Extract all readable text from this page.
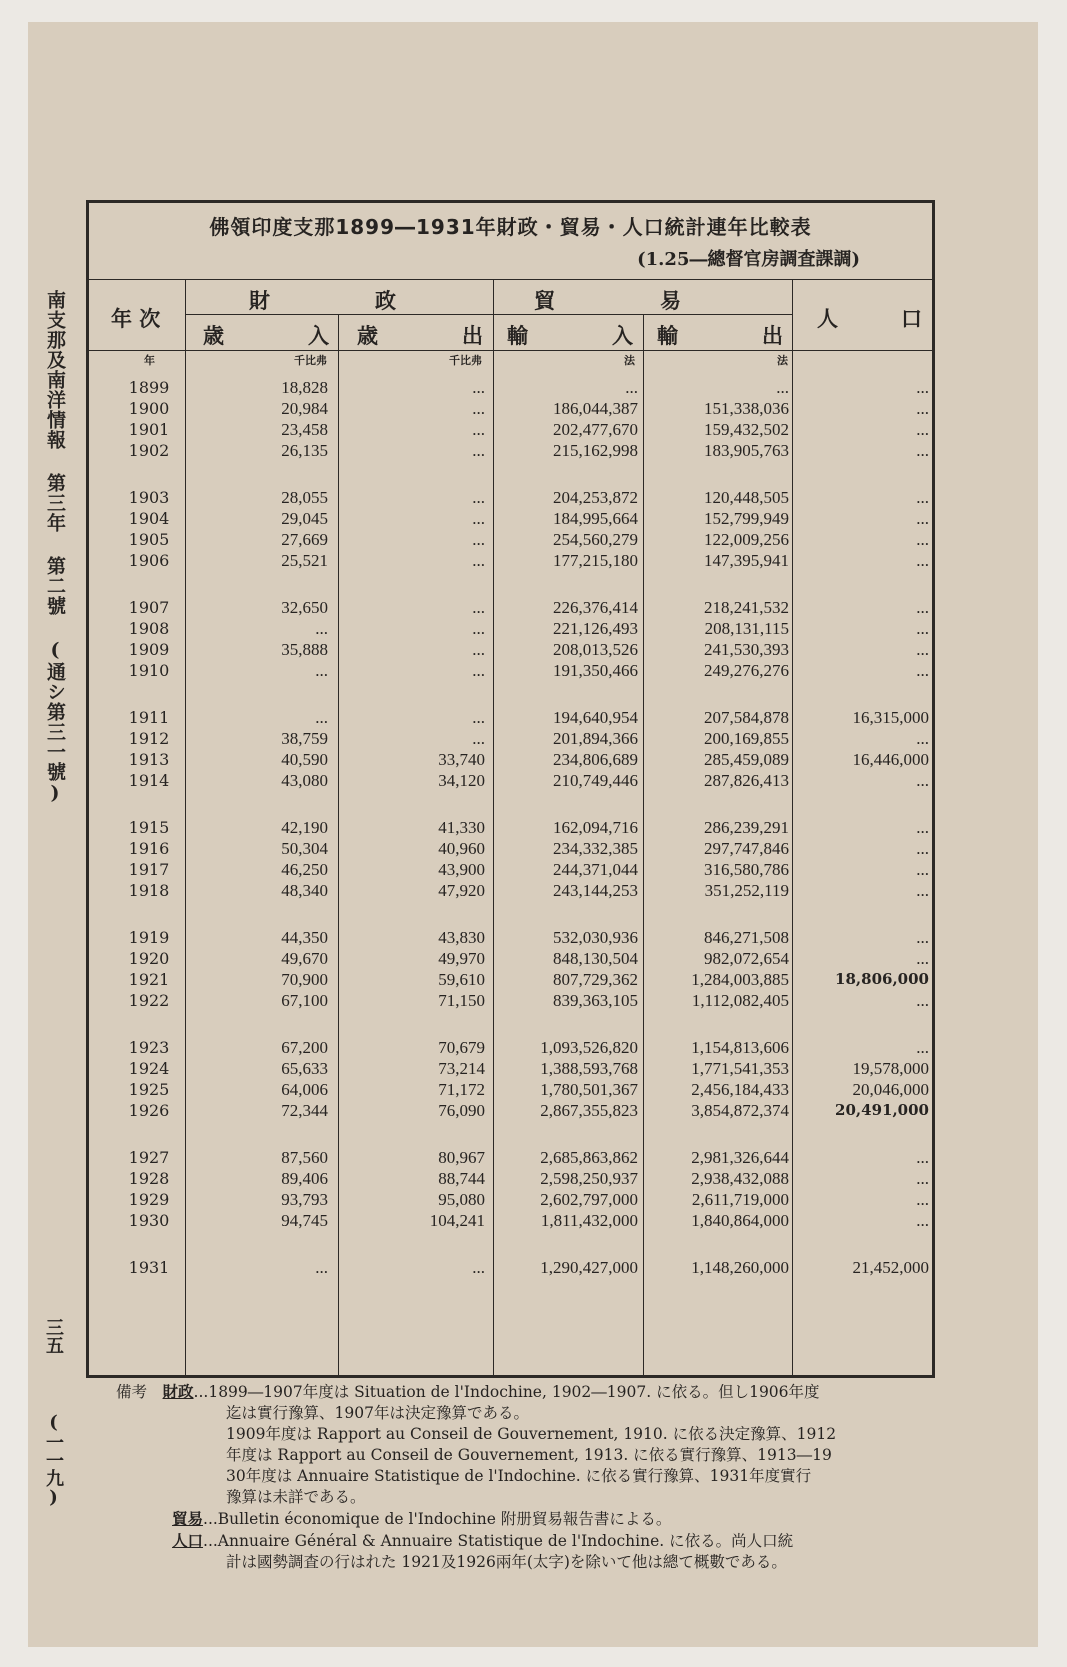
南支那及南洋情報 第三年 第二號 (通シ第三一號)
三五
(一一九)
佛領印度支那1899―1931年財政・貿易・人口統計連年比較表
(1.25―總督官房調査課調)
年 次
財　　　　　政	貿　　　　　易
人　　　口
歳　　　　入 歳　　　　出 輸　　　　入 輸　　　　出
年	千比弗	千比弗	法	法
1899	18,828	...	...	...	...
1900	20,984	...	186,044,387	151,338,036	...
1901	23,458	...	202,477,670	159,432,502	...
1902	26,135	...	215,162,998	183,905,763	...
1903	28,055	...	204,253,872	120,448,505	...
1904	29,045	...	184,995,664	152,799,949	...
1905	27,669	...	254,560,279	122,009,256	...
1906	25,521	...	177,215,180	147,395,941	...
1907	32,650	...	226,376,414	218,241,532	...
1908	...	...	221,126,493	208,131,115	...
1909	35,888	...	208,013,526	241,530,393	...
1910	...	...	191,350,466	249,276,276	...
1911	...	...	194,640,954	207,584,878	16,315,000
1912	38,759	...	201,894,366	200,169,855	...
1913	40,590	33,740	234,806,689	285,459,089	16,446,000
1914	43,080	34,120	210,749,446	287,826,413	...
1915	42,190	41,330	162,094,716	286,239,291	...
1916	50,304	40,960	234,332,385	297,747,846	...
1917	46,250	43,900	244,371,044	316,580,786	...
1918	48,340	47,920	243,144,253	351,252,119	...
1919	44,350	43,830	532,030,936	846,271,508	...
1920	49,670	49,970	848,130,504	982,072,654	...
1921	70,900	59,610	807,729,362	1,284,003,885	18,806,000
1922	67,100	71,150	839,363,105	1,112,082,405	...
1923	67,200	70,679	1,093,526,820	1,154,813,606	...
1924	65,633	73,214	1,388,593,768	1,771,541,353	19,578,000
1925	64,006	71,172	1,780,501,367	2,456,184,433	20,046,000
1926	72,344	76,090	2,867,355,823	3,854,872,374	20,491,000
1927	87,560	80,967	2,685,863,862	2,981,326,644	...
1928	89,406	88,744	2,598,250,937	2,938,432,088	...
1929	93,793	95,080	2,602,797,000	2,611,719,000	...
1930	94,745	104,241	1,811,432,000	1,840,864,000	...
1931	...	...	1,290,427,000	1,148,260,000	21,452,000
備考　 財政...1899―1907年度は Situation de l'Indochine, 1902―1907. に依る。但し1906年度
迄は實行豫算、1907年は決定豫算である。
1909年度は Rapport au Conseil de Gouvernement, 1910. に依る決定豫算、1912
年度は Rapport au Conseil de Gouvernement, 1913. に依る實行豫算、1913―19
30年度は Annuaire Statistique de l'Indochine. に依る實行豫算、1931年度實行
豫算は未詳である。
貿易...Bulletin économique de l'Indochine 附册貿易報告書による。
人口...Annuaire Général & Annuaire Statistique de l'Indochine. に依る。尚人口統
計は國勢調査の行はれた 1921及1926兩年(太字)を除いて他は總て概數である。
